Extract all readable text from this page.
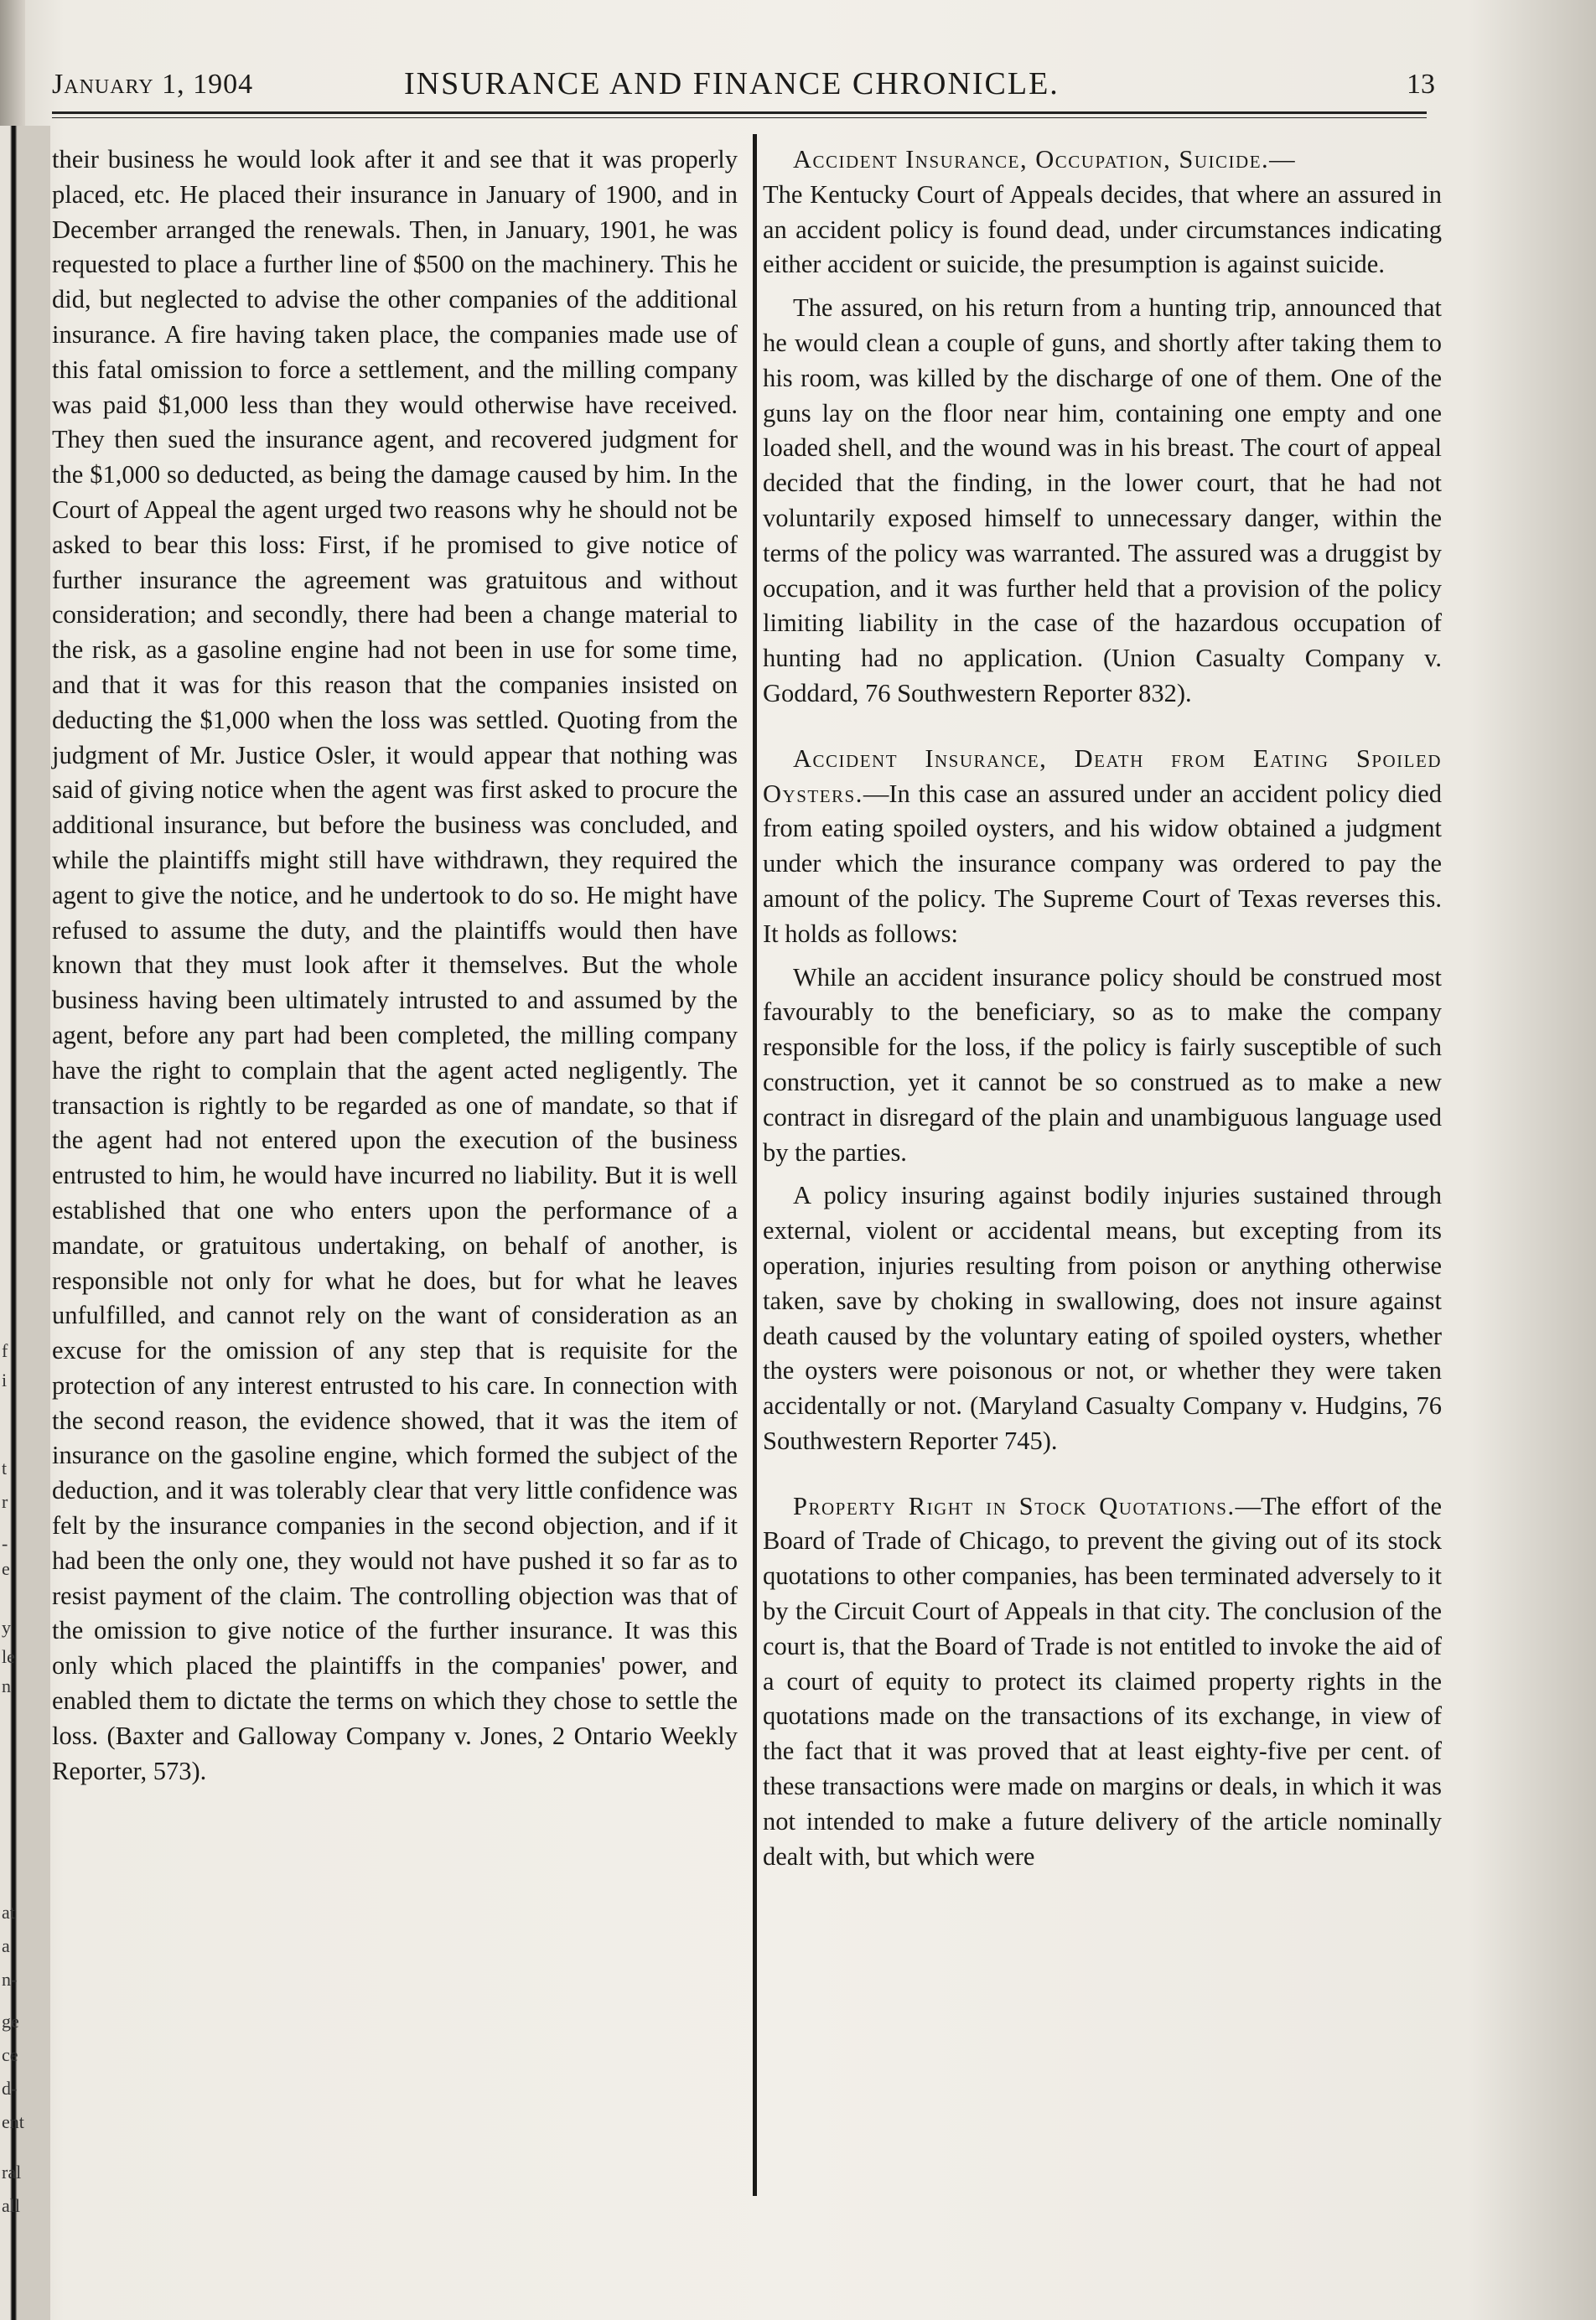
January 1, 1904	INSURANCE AND FINANCE CHRONICLE.	13

their business he would look after it and see that it was properly placed, etc. He placed their insurance in January of 1900, and in December arranged the renewals. Then, in January, 1901, he was requested to place a further line of $500 on the machinery. This he did, but neglected to advise the other companies of the additional insurance. A fire having taken place, the companies made use of this fatal omission to force a settlement, and the milling company was paid $1,000 less than they would otherwise have received. They then sued the insurance agent, and recovered judgment for the $1,000 so deducted, as being the damage caused by him. In the Court of Appeal the agent urged two reasons why he should not be asked to bear this loss: First, if he promised to give notice of further insurance the agreement was gratuitous and without consideration; and secondly, there had been a change material to the risk, as a gasoline engine had not been in use for some time, and that it was for this reason that the companies insisted on deducting the $1,000 when the loss was settled. Quoting from the judgment of Mr. Justice Osler, it would appear that nothing was said of giving notice when the agent was first asked to procure the additional insurance, but before the business was concluded, and while the plaintiffs might still have withdrawn, they required the agent to give the notice, and he undertook to do so. He might have refused to assume the duty, and the plaintiffs would then have known that they must look after it themselves. But the whole business having been ultimately intrusted to and assumed by the agent, before any part had been completed, the milling company have the right to complain that the agent acted negligently. The transaction is rightly to be regarded as one of mandate, so that if the agent had not entered upon the execution of the business entrusted to him, he would have incurred no liability. But it is well established that one who enters upon the performance of a mandate, or gratuitous undertaking, on behalf of another, is responsible not only for what he does, but for what he leaves unfulfilled, and cannot rely on the want of consideration as an excuse for the omission of any step that is requisite for the protection of any interest entrusted to his care. In connection with the second reason, the evidence showed, that it was the item of insurance on the gasoline engine, which formed the subject of the deduction, and it was tolerably clear that very little confidence was felt by the insurance companies in the second objection, and if it had been the only one, they would not have pushed it so far as to resist payment of the claim. The controlling objection was that of the omission to give notice of the further insurance. It was this only which placed the plaintiffs in the companies' power, and enabled them to dictate the terms on which they chose to settle the loss. (Baxter and Galloway Company v. Jones, 2 Ontario Weekly Reporter, 573).

Accident Insurance, Occupation, Suicide.—

The Kentucky Court of Appeals decides, that where an assured in an accident policy is found dead, under circumstances indicating either accident or suicide, the presumption is against suicide.

The assured, on his return from a hunting trip, announced that he would clean a couple of guns, and shortly after taking them to his room, was killed by the discharge of one of them. One of the guns lay on the floor near him, containing one empty and one loaded shell, and the wound was in his breast. The court of appeal decided that the finding, in the lower court, that he had not voluntarily exposed himself to unnecessary danger, within the terms of the policy was warranted. The assured was a druggist by occupation, and it was further held that a provision of the policy limiting liability in the case of the hazardous occupation of hunting had no application. (Union Casualty Company v. Goddard, 76 Southwestern Reporter 832).

Accident Insurance, Death from Eating Spoiled Oysters.—In this case an assured under an accident policy died from eating spoiled oysters, and his widow obtained a judgment under which the insurance company was ordered to pay the amount of the policy. The Supreme Court of Texas reverses this. It holds as follows:

While an accident insurance policy should be construed most favourably to the beneficiary, so as to make the company responsible for the loss, if the policy is fairly susceptible of such construction, yet it cannot be so construed as to make a new contract in disregard of the plain and unambiguous language used by the parties.

A policy insuring against bodily injuries sustained through external, violent or accidental means, but excepting from its operation, injuries resulting from poison or anything otherwise taken, save by choking in swallowing, does not insure against death caused by the voluntary eating of spoiled oysters, whether the oysters were poisonous or not, or whether they were taken accidentally or not. (Maryland Casualty Company v. Hudgins, 76 Southwestern Reporter 745).

Property Right in Stock Quotations.—The effort of the Board of Trade of Chicago, to prevent the giving out of its stock quotations to other companies, has been terminated adversely to it by the Circuit Court of Appeals in that city. The conclusion of the court is, that the Board of Trade is not entitled to invoke the aid of a court of equity to protect its claimed property rights in the quotations made on the transactions of its exchange, in view of the fact that it was proved that at least eighty-five per cent. of these transactions were made on margins or deals, in which it was not intended to make a future delivery of the article nominally dealt with, but which were

f
i
t
r
-
e
y
le
n
at
a
n-
ge
ce
d-
ent
ral
all
